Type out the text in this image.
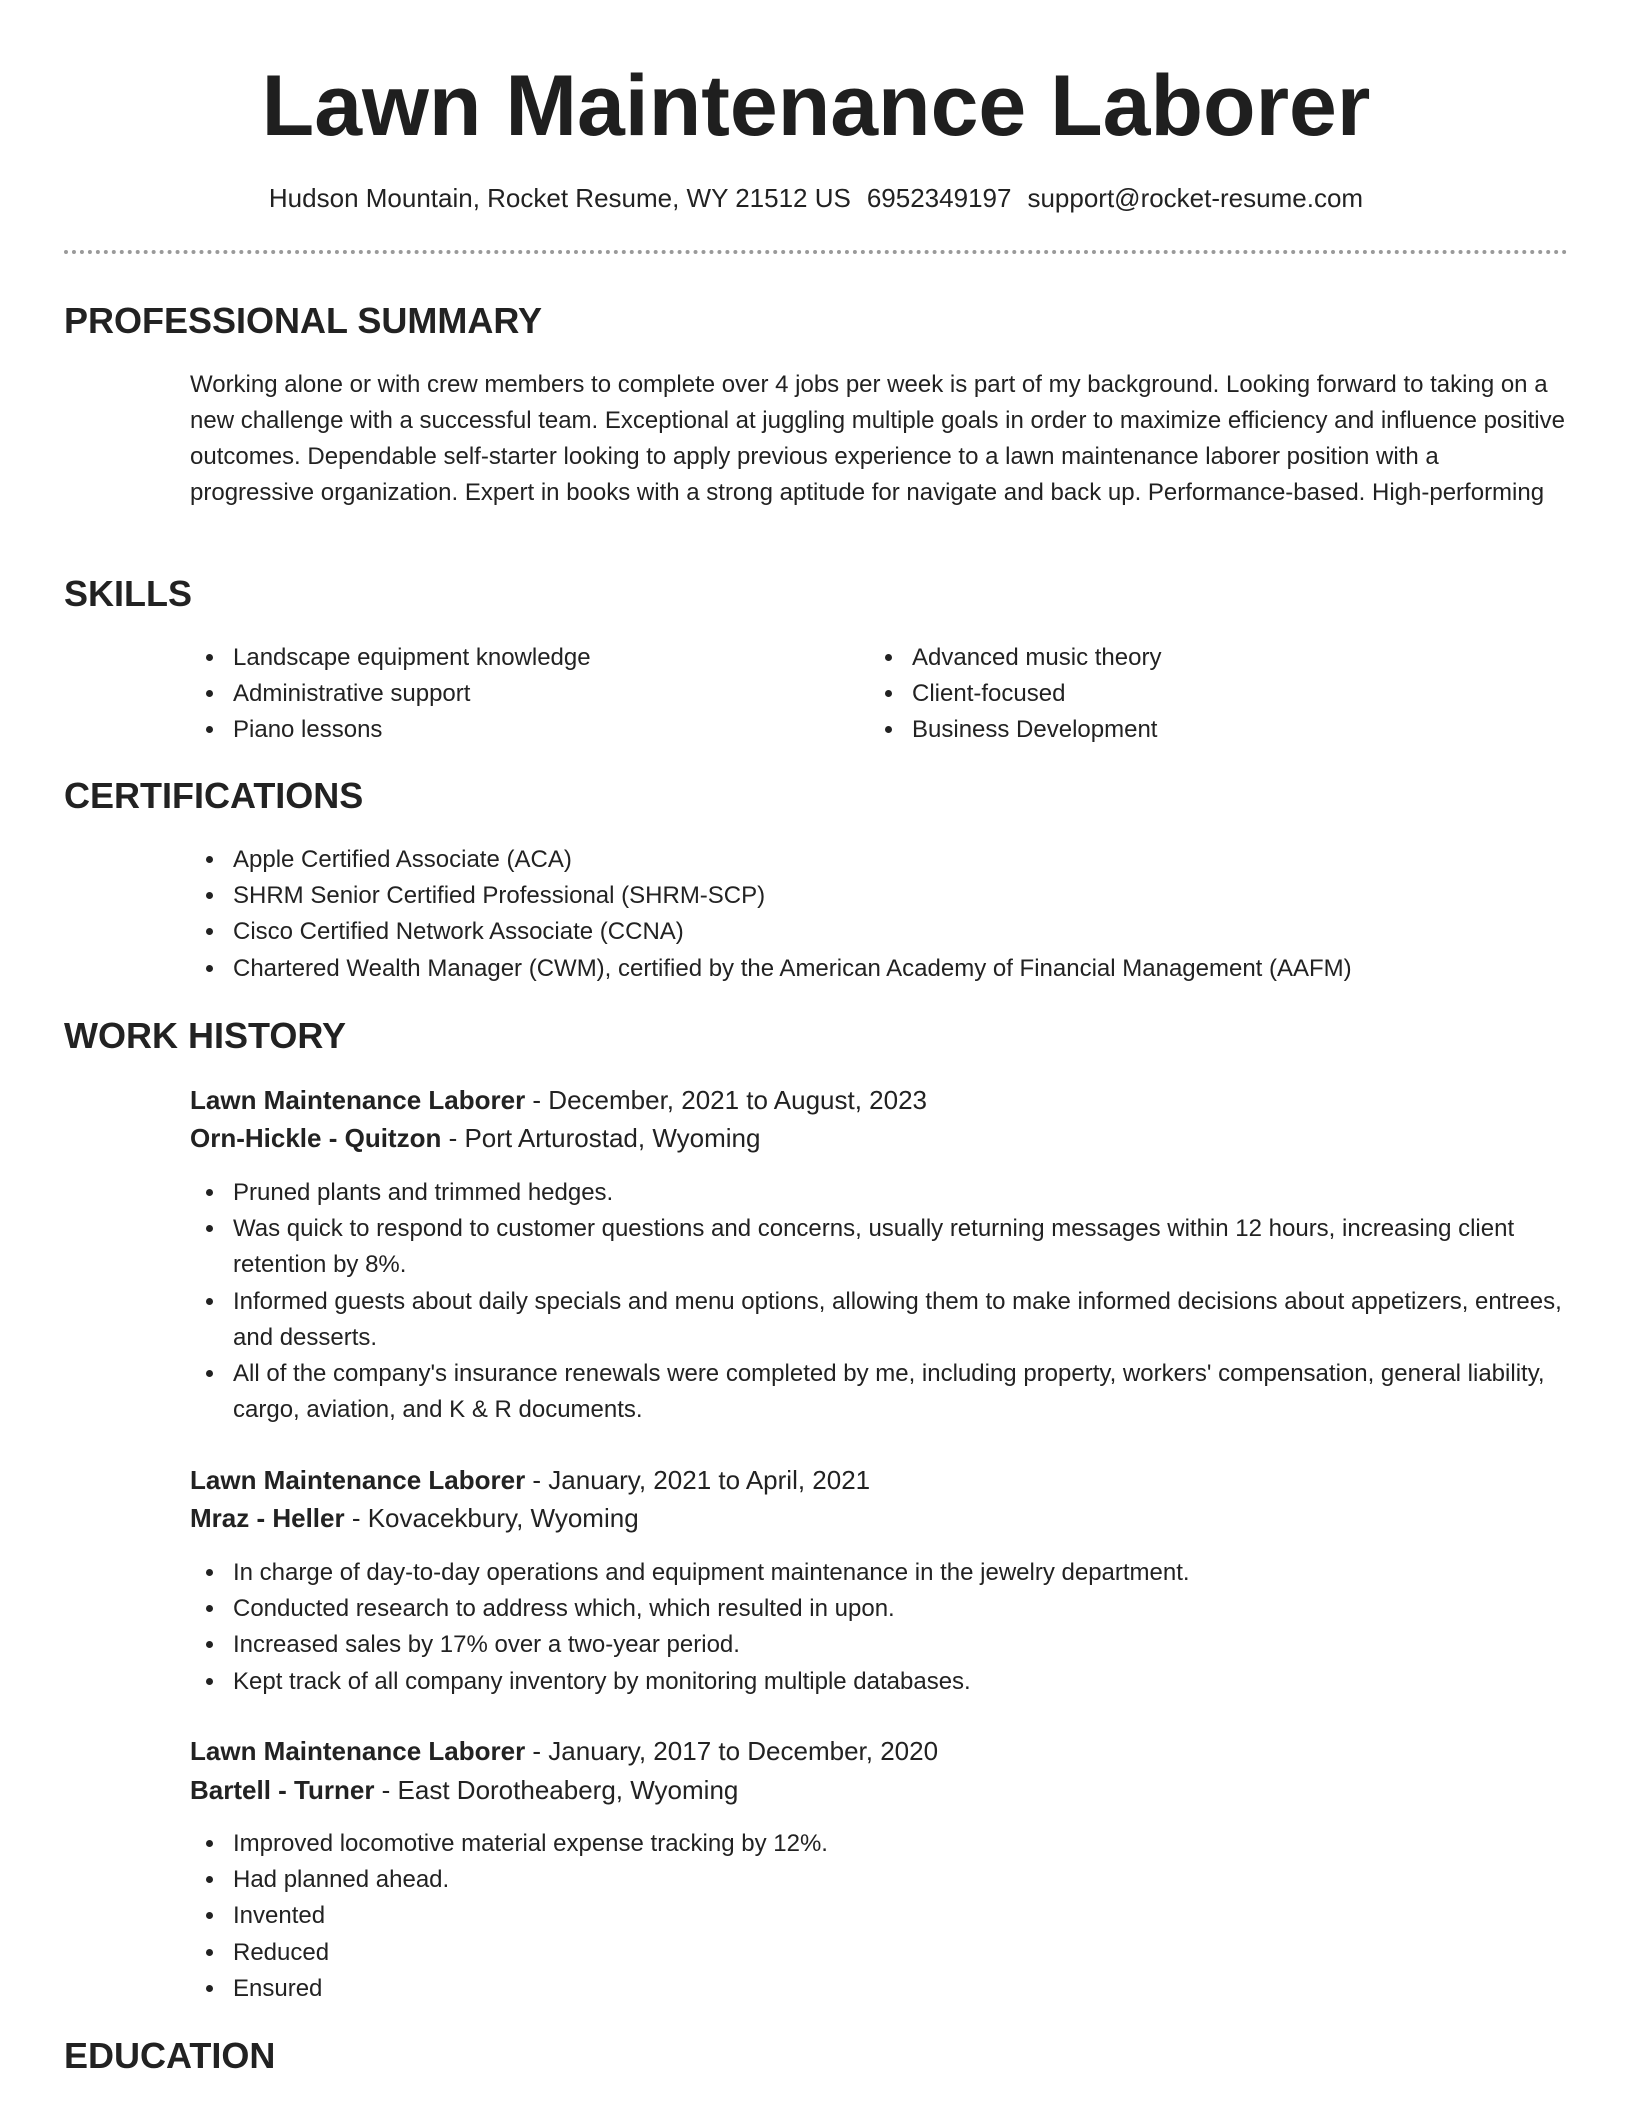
Lawn Maintenance Laborer
Hudson Mountain, Rocket Resume, WY 21512 US 6952349197 support@rocket-resume.com
PROFESSIONAL SUMMARY

Working alone or with crew members to complete over 4 jobs per week is part of my background. Looking forward to taking on a new challenge with a successful team. Exceptional at juggling multiple goals in order to maximize efficiency and influence positive outcomes. Dependable self-starter looking to apply previous experience to a lawn maintenance laborer position with a progressive organization. Expert in books with a strong aptitude for navigate and back up. Performance-based. High-performing

SKILLS
Landscape equipment knowledge
Administrative support
Piano lessons
Advanced music theory
Client-focused
Business Development
CERTIFICATIONS
Apple Certified Associate (ACA)
SHRM Senior Certified Professional (SHRM-SCP)
Cisco Certified Network Associate (CCNA)
Chartered Wealth Manager (CWM), certified by the American Academy of Financial Management (AAFM)
WORK HISTORY
Lawn Maintenance Laborer - December, 2021 to August, 2023
Orn-Hickle - Quitzon - Port Arturostad, Wyoming
Pruned plants and trimmed hedges.
Was quick to respond to customer questions and concerns, usually returning messages within 12 hours, increasing client retention by 8%.
Informed guests about daily specials and menu options, allowing them to make informed decisions about appetizers, entrees, and desserts.
All of the company's insurance renewals were completed by me, including property, workers' compensation, general liability, cargo, aviation, and K & R documents.
Lawn Maintenance Laborer - January, 2021 to April, 2021
Mraz - Heller - Kovacekbury, Wyoming
In charge of day-to-day operations and equipment maintenance in the jewelry department.
Conducted research to address which, which resulted in upon.
Increased sales by 17% over a two-year period.
Kept track of all company inventory by monitoring multiple databases.
Lawn Maintenance Laborer - January, 2017 to December, 2020
Bartell - Turner - East Dorotheaberg, Wyoming
Improved locomotive material expense tracking by 12%.
Had planned ahead.
Invented
Reduced
Ensured
EDUCATION
